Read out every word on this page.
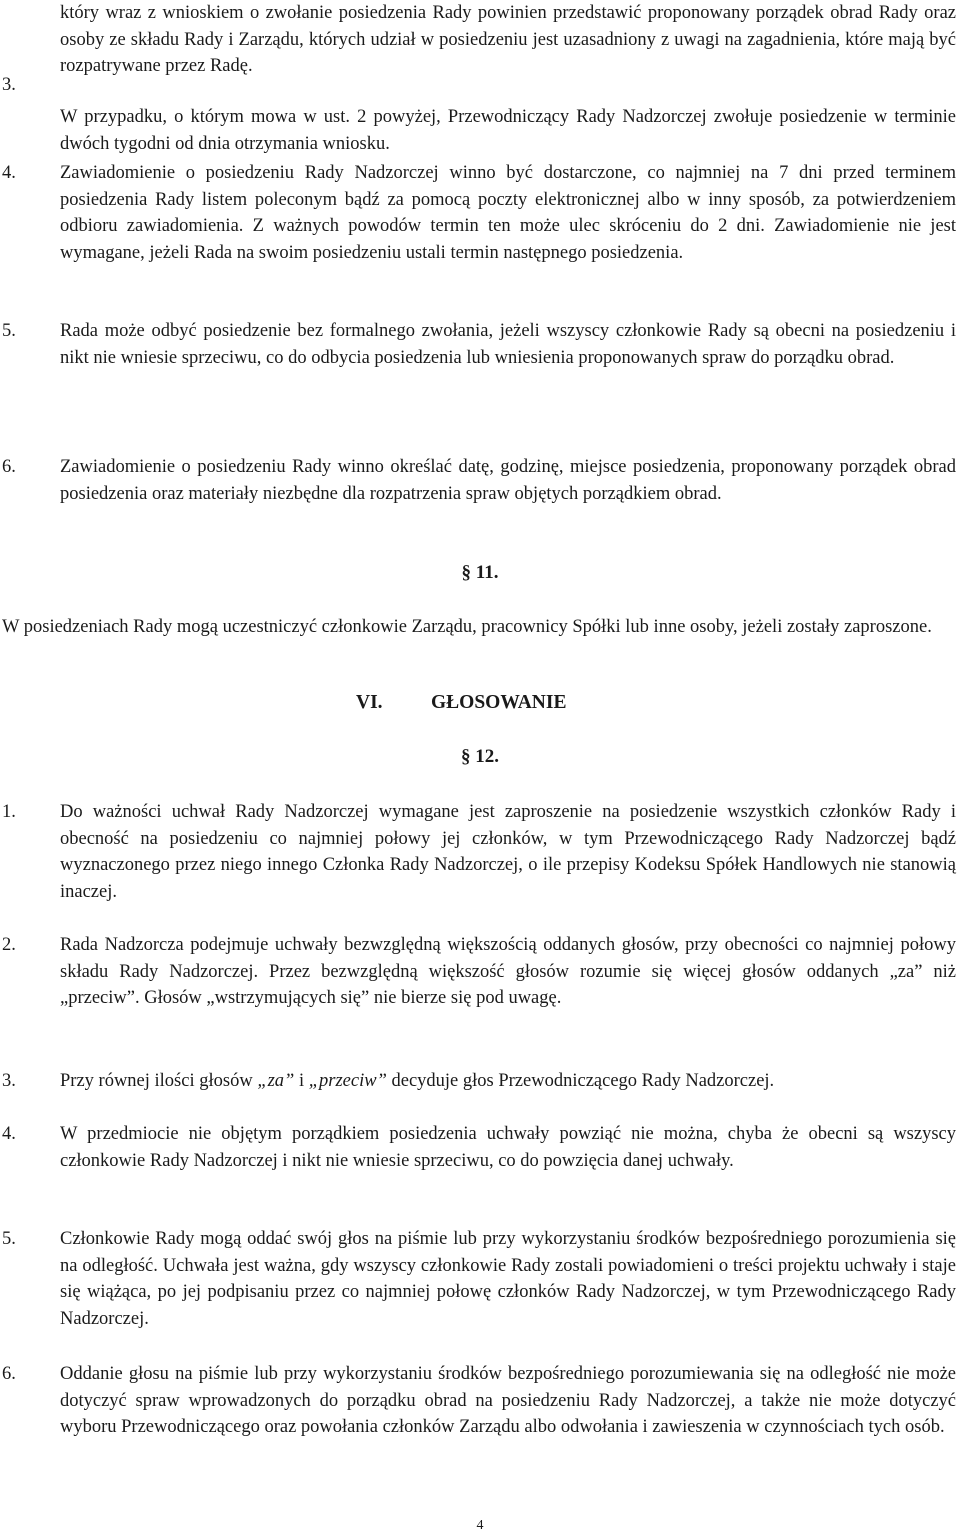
który wraz z wnioskiem o zwołanie posiedzenia Rady powinien przedstawić proponowany porządek obrad Rady oraz osoby ze składu Rady i Zarządu, których udział w posiedzeniu jest uzasadniony z uwagi na zagadnienia, które mają być rozpatrywane przez Radę.

3.

W przypadku, o którym mowa w ust. 2 powyżej, Przewodniczący Rady Nadzorczej zwołuje posiedzenie w terminie dwóch tygodni od dnia otrzymania wniosku.

4. Zawiadomienie o posiedzeniu Rady Nadzorczej winno być dostarczone, co najmniej na 7 dni przed terminem posiedzenia Rady listem poleconym bądź za pomocą poczty elektronicznej albo w inny sposób, za potwierdzeniem odbioru zawiadomienia. Z ważnych powodów termin ten może ulec skróceniu do 2 dni. Zawiadomienie nie jest wymagane, jeżeli Rada na swoim posiedzeniu ustali termin następnego posiedzenia.

5. Rada może odbyć posiedzenie bez formalnego zwołania, jeżeli wszyscy członkowie Rady są obecni na posiedzeniu i nikt nie wniesie sprzeciwu, co do odbycia posiedzenia lub wniesienia proponowanych spraw do porządku obrad.

6. Zawiadomienie o posiedzeniu Rady winno określać datę, godzinę, miejsce posiedzenia, proponowany porządek obrad posiedzenia oraz materiały niezbędne dla rozpatrzenia spraw objętych porządkiem obrad.

§ 11.

W posiedzeniach Rady mogą uczestniczyć członkowie Zarządu, pracownicy Spółki lub inne osoby, jeżeli zostały zaproszone.

VI. GŁOSOWANIE
§ 12.
1. Do ważności uchwał Rady Nadzorczej wymagane jest zaproszenie na posiedzenie wszystkich członków Rady i obecność na posiedzeniu co najmniej połowy jej członków, w tym Przewodniczącego Rady Nadzorczej bądź wyznaczonego przez niego innego Członka Rady Nadzorczej, o ile przepisy Kodeksu Spółek Handlowych nie stanowią inaczej.

2. Rada Nadzorcza podejmuje uchwały bezwzględną większością oddanych głosów, przy obecności co najmniej połowy składu Rady Nadzorczej. Przez bezwzględną większość głosów rozumie się więcej głosów oddanych „za” niż „przeciw”. Głosów „wstrzymujących się” nie bierze się pod uwagę.

3. Przy równej ilości głosów „za” i „przeciw” decyduje głos Przewodniczącego Rady Nadzorczej.

4. W przedmiocie nie objętym porządkiem posiedzenia uchwały powziąć nie można, chyba że obecni są wszyscy członkowie Rady Nadzorczej i nikt nie wniesie sprzeciwu, co do powzięcia danej uchwały.

5. Członkowie Rady mogą oddać swój głos na piśmie lub przy wykorzystaniu środków bezpośredniego porozumienia się na odległość. Uchwała jest ważna, gdy wszyscy członkowie Rady zostali powiadomieni o treści projektu uchwały i staje się wiążąca, po jej podpisaniu przez co najmniej połowę członków Rady Nadzorczej, w tym Przewodniczącego Rady Nadzorczej.

6. Oddanie głosu na piśmie lub przy wykorzystaniu środków bezpośredniego porozumiewania się na odległość nie może dotyczyć spraw wprowadzonych do porządku obrad na posiedzeniu Rady Nadzorczej, a także nie może dotyczyć wyboru Przewodniczącego oraz powołania członków Zarządu albo odwołania i zawieszenia w czynnościach tych osób.

4
